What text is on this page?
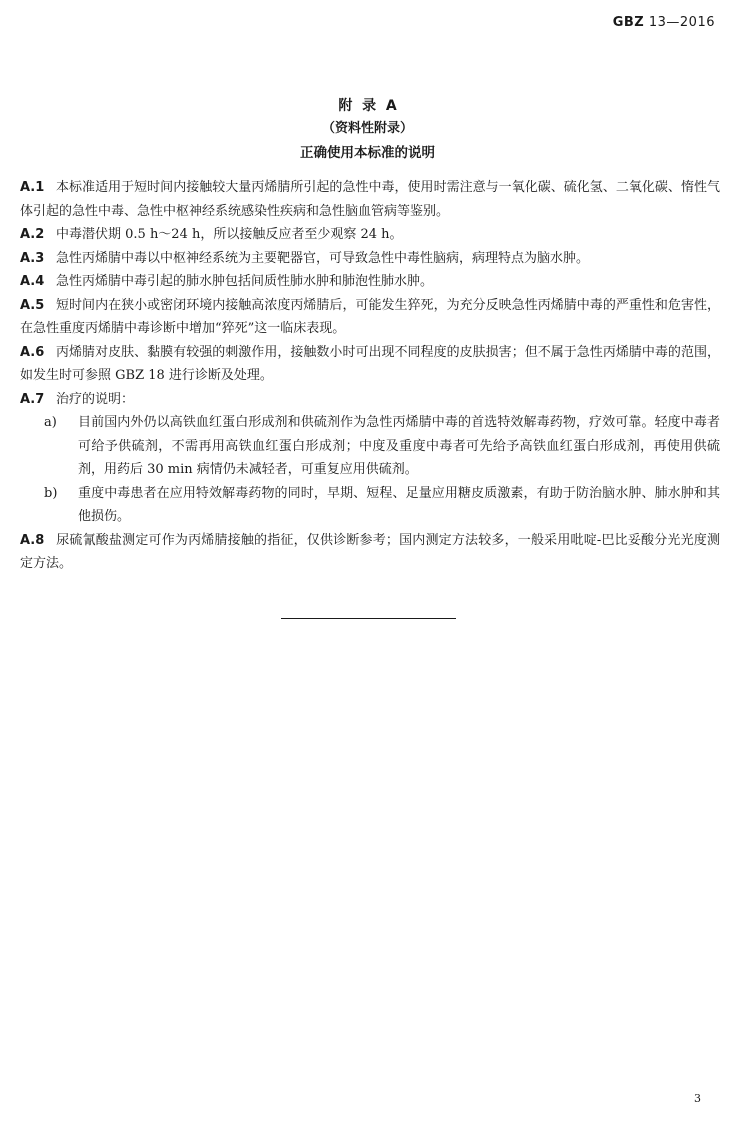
GBZ 13—2016
附  录  A
（资料性附录）
正确使用本标准的说明

A.1 本标准适用于短时间内接触较大量丙烯腈所引起的急性中毒，使用时需注意与一氧化碳、硫化氢、二氧化碳、惰性气体引起的急性中毒、急性中枢神经系统感染性疾病和急性脑血管病等鉴别。

A.2 中毒潜伏期 0.5 h～24 h，所以接触反应者至少观察 24 h。

A.3 急性丙烯腈中毒以中枢神经系统为主要靶器官，可导致急性中毒性脑病，病理特点为脑水肿。

A.4 急性丙烯腈中毒引起的肺水肿包括间质性肺水肿和肺泡性肺水肿。

A.5 短时间内在狭小或密闭环境内接触高浓度丙烯腈后，可能发生猝死，为充分反映急性丙烯腈中毒的严重性和危害性，在急性重度丙烯腈中毒诊断中增加“猝死”这一临床表现。

A.6 丙烯腈对皮肤、黏膜有较强的刺激作用，接触数小时可出现不同程度的皮肤损害；但不属于急性丙烯腈中毒的范围，如发生时可参照 GBZ 18 进行诊断及处理。

A.7 治疗的说明：

a) 目前国内外仍以高铁血红蛋白形成剂和供硫剂作为急性丙烯腈中毒的首选特效解毒药物，疗效可靠。轻度中毒者可给予供硫剂，不需再用高铁血红蛋白形成剂；中度及重度中毒者可先给予高铁血红蛋白形成剂，再使用供硫剂，用药后 30 min 病情仍未减轻者，可重复应用供硫剂。

b) 重度中毒患者在应用特效解毒药物的同时，早期、短程、足量应用糖皮质激素，有助于防治脑水肿、肺水肿和其他损伤。

A.8 尿硫氰酸盐测定可作为丙烯腈接触的指征，仅供诊断参考；国内测定方法较多，一般采用吡啶-巴比妥酸分光光度测定方法。

3
